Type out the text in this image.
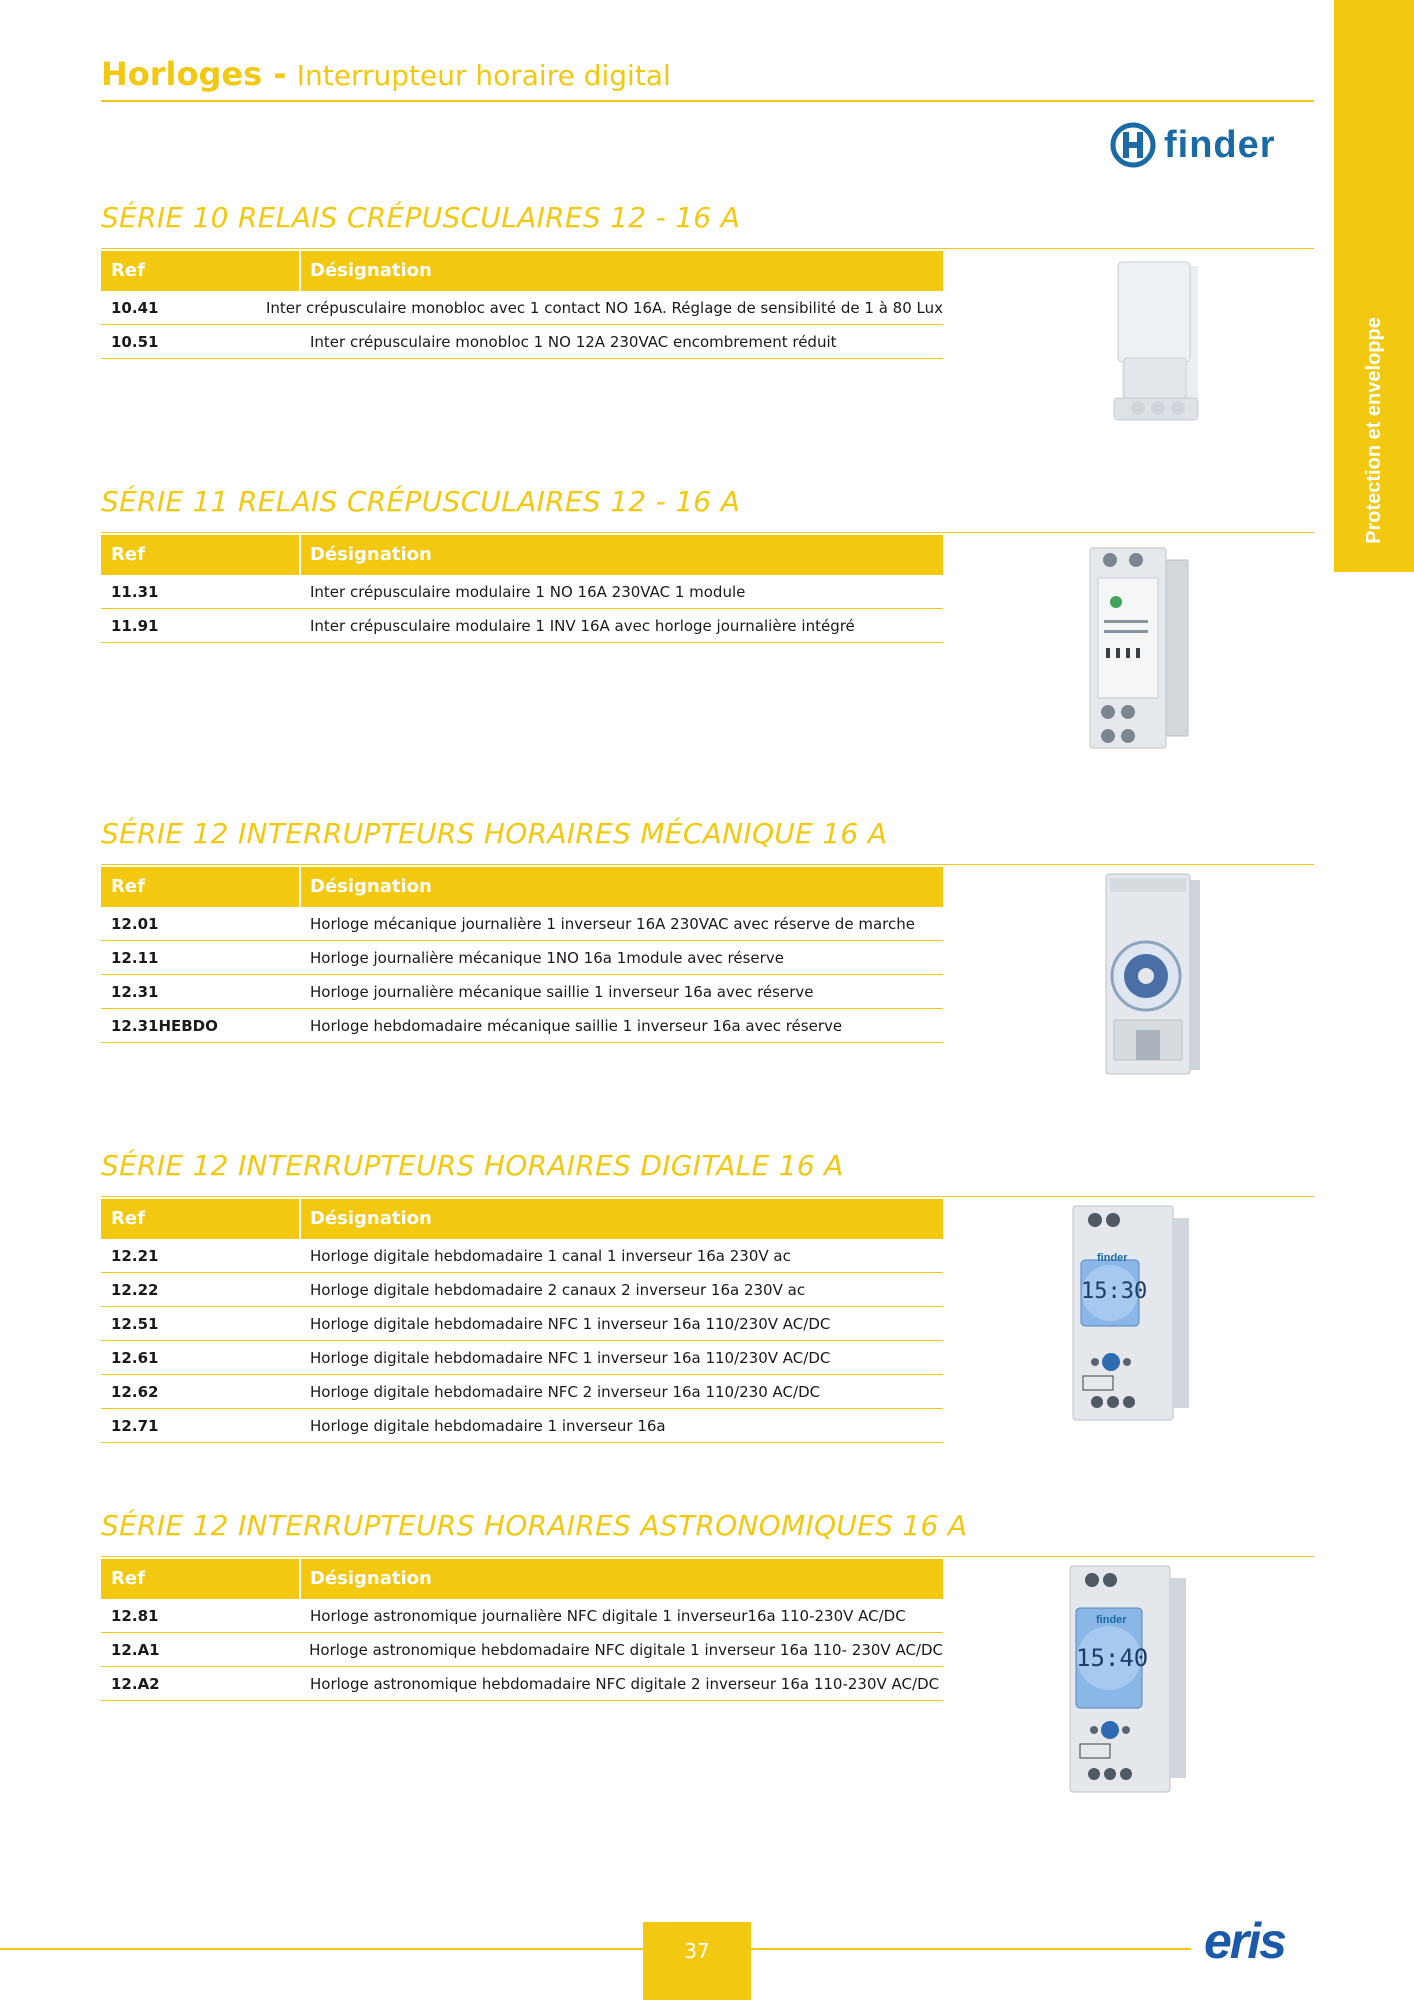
Horloges - Interrupteur horaire digital
Protection et enveloppe
finder
SÉRIE 10 RELAIS CRÉPUSCULAIRES 12 - 16 A
Ref	Désignation
10.41	Inter crépusculaire monobloc avec 1 contact NO 16A. Réglage de sensibilité de 1 à 80 Lux
10.51	Inter crépusculaire monobloc 1 NO 12A 230VAC encombrement réduit
SÉRIE 11 RELAIS CRÉPUSCULAIRES 12 - 16 A
Ref	Désignation
11.31	Inter crépusculaire modulaire 1 NO 16A 230VAC 1 module
11.91	Inter crépusculaire modulaire 1 INV 16A avec horloge journalière intégré
SÉRIE 12 INTERRUPTEURS HORAIRES MÉCANIQUE 16 A
Ref	Désignation
12.01	Horloge mécanique journalière 1 inverseur 16A 230VAC avec réserve de marche
12.11	Horloge journalière mécanique 1NO 16a 1module avec réserve
12.31	Horloge journalière mécanique saillie 1 inverseur 16a avec réserve
12.31HEBDO	Horloge hebdomadaire mécanique saillie 1 inverseur 16a avec réserve
SÉRIE 12 INTERRUPTEURS HORAIRES DIGITALE 16 A
Ref	Désignation
12.21	Horloge digitale hebdomadaire 1 canal 1 inverseur 16a 230V ac
12.22	Horloge digitale hebdomadaire 2 canaux 2 inverseur 16a 230V ac
12.51	Horloge digitale hebdomadaire NFC 1 inverseur 16a 110/230V AC/DC
12.61	Horloge digitale hebdomadaire NFC 1 inverseur 16a 110/230V AC/DC
12.62	Horloge digitale hebdomadaire NFC 2 inverseur 16a 110/230 AC/DC
12.71	Horloge digitale hebdomadaire 1 inverseur 16a
SÉRIE 12 INTERRUPTEURS HORAIRES ASTRONOMIQUES 16 A
Ref	Désignation
12.81	Horloge astronomique journalière NFC digitale 1 inverseur16a 110-230V AC/DC
12.A1	Horloge astronomique hebdomadaire NFC digitale 1 inverseur 16a 110- 230V AC/DC
12.A2	Horloge astronomique hebdomadaire NFC digitale 2 inverseur 16a 110-230V AC/DC
15:30
finder
15:40
finder
37	eris
